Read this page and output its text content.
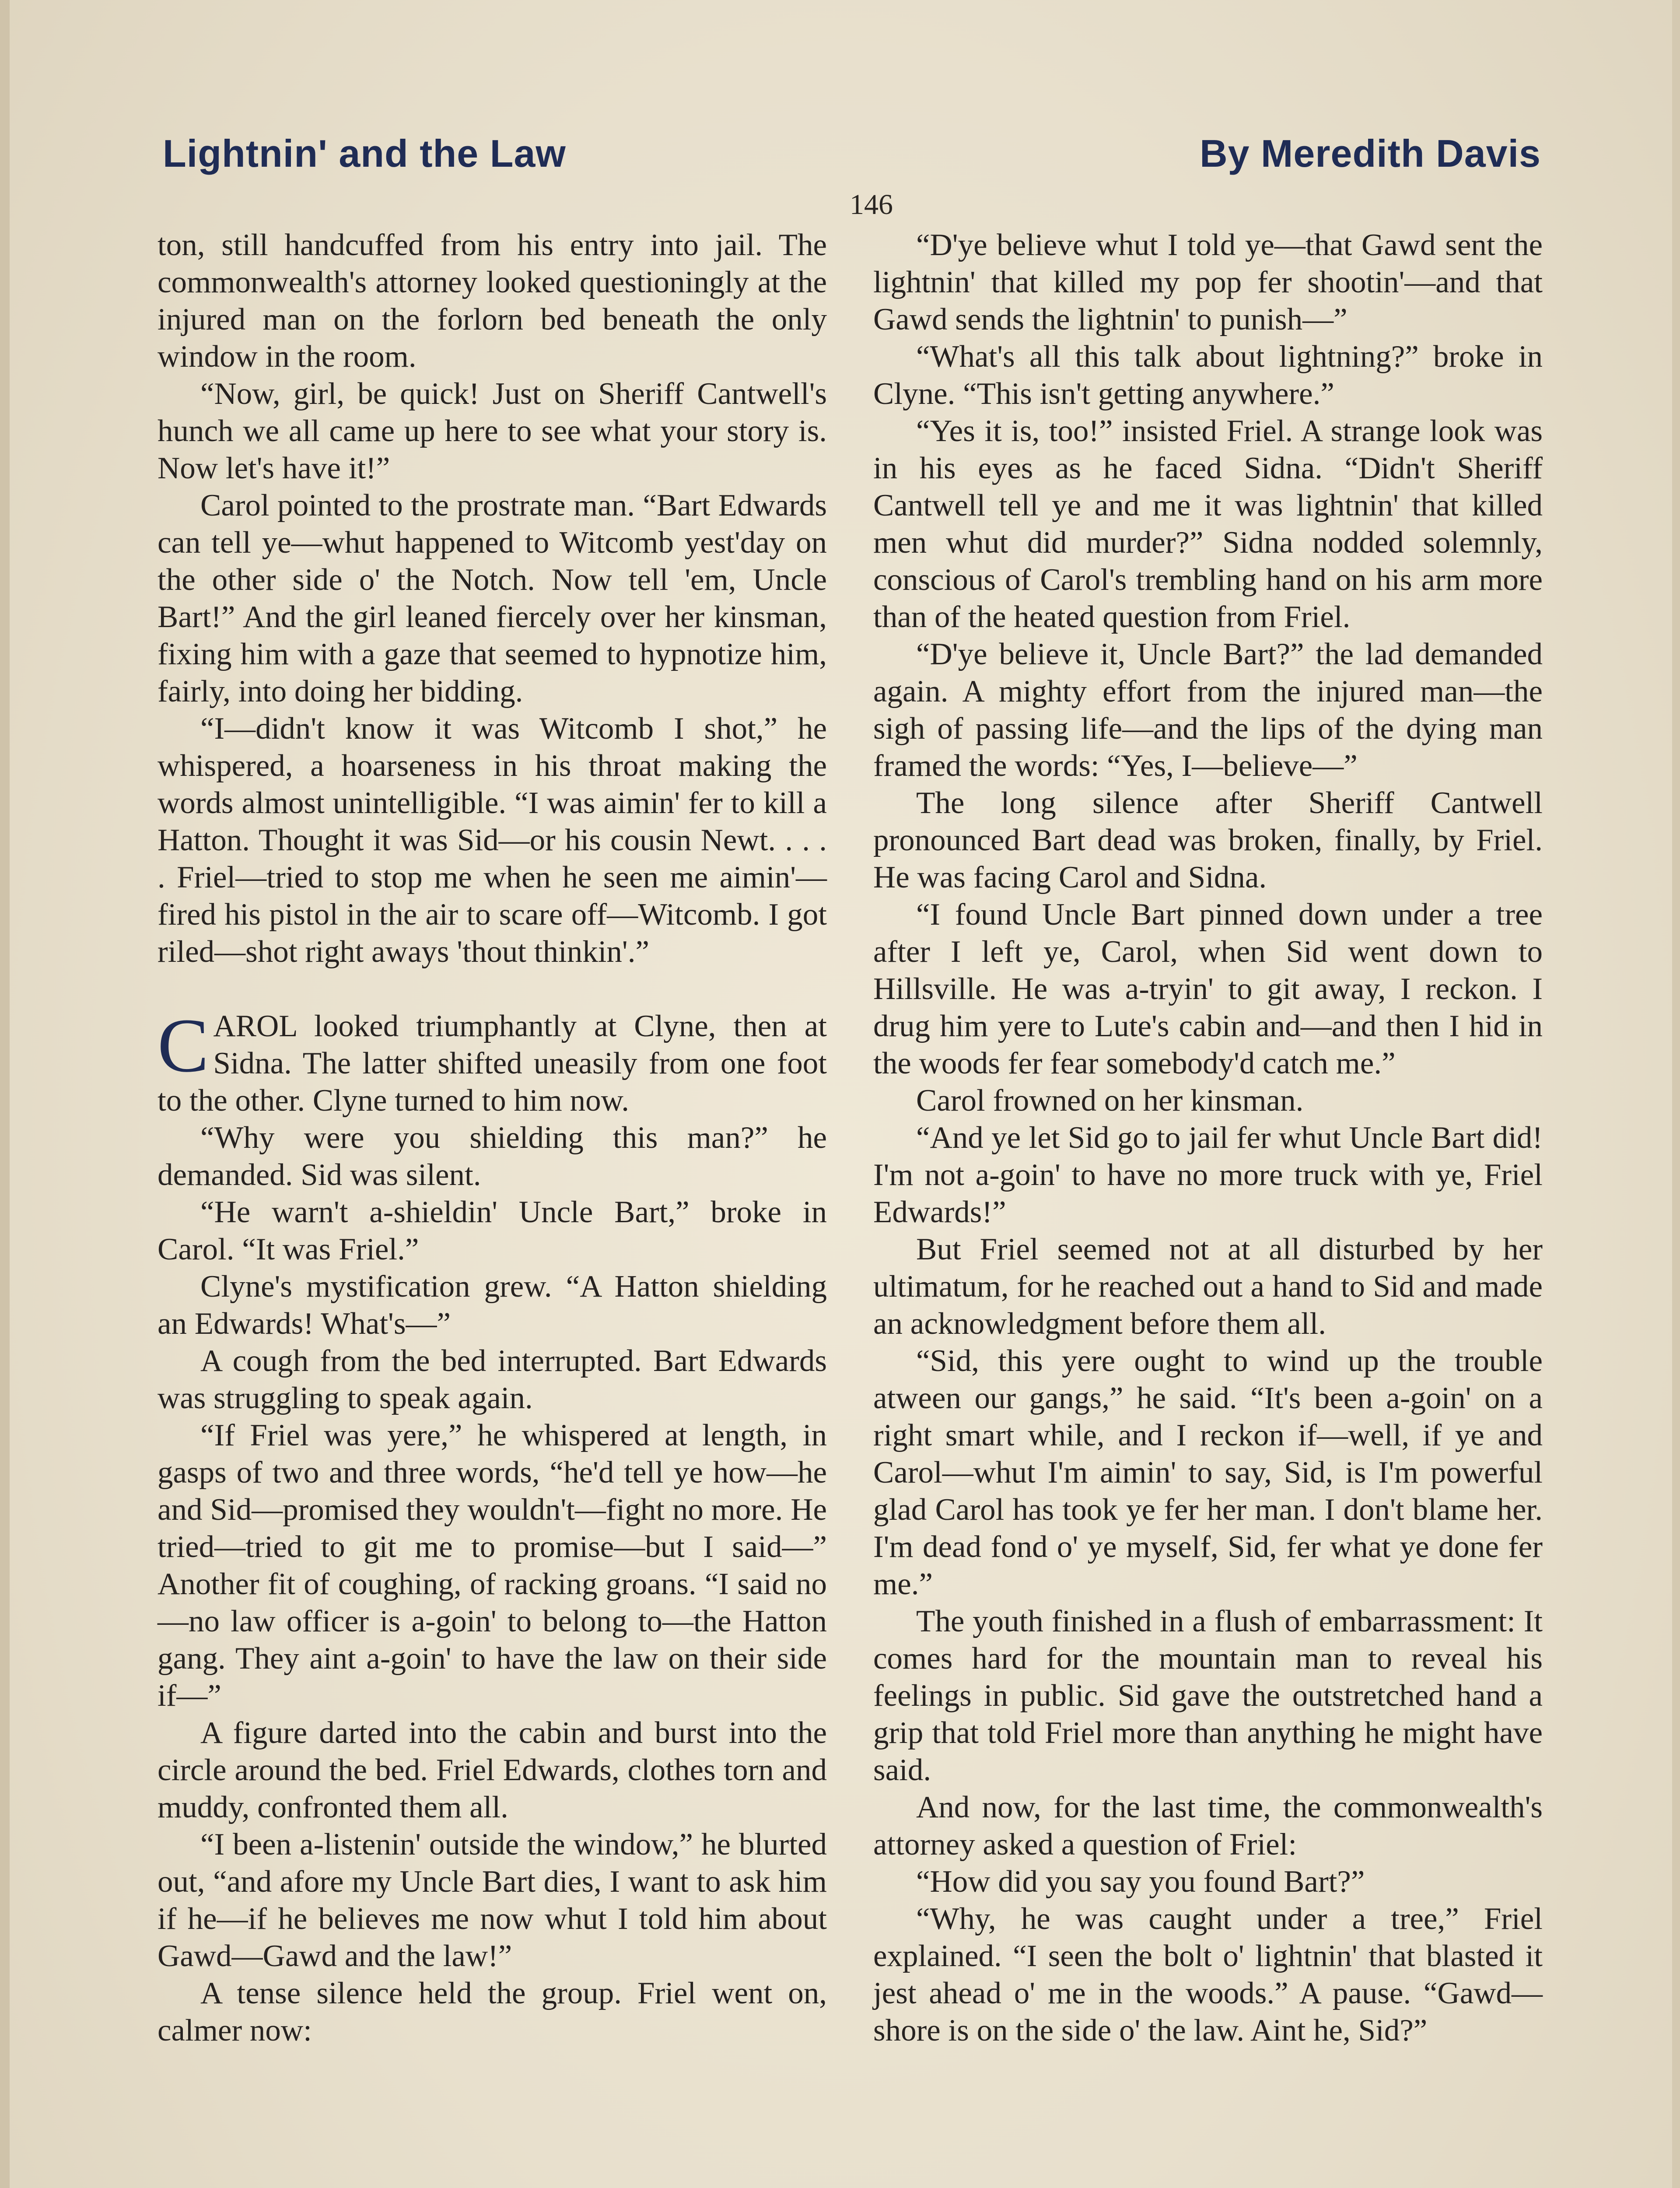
Lightnin' and the Law	By Meredith Davis
146

ton, still handcuffed from his entry into jail. The commonwealth's attorney looked questioningly at the injured man on the forlorn bed beneath the only window in the room.

“Now, girl, be quick! Just on Sheriff Cantwell's hunch we all came up here to see what your story is. Now let's have it!”

Carol pointed to the prostrate man. “Bart Edwards can tell ye—whut happened to Witcomb yest'day on the other side o' the Notch. Now tell 'em, Uncle Bart!” And the girl leaned fiercely over her kinsman, fixing him with a gaze that seemed to hypnotize him, fairly, into doing her bidding.

“I—didn't know it was Witcomb I shot,” he whispered, a hoarseness in his throat making the words almost unintelligible. “I was aimin' fer to kill a Hatton. Thought it was Sid—or his cousin Newt. . . . . Friel—tried to stop me when he seen me aimin'—fired his pistol in the air to scare off—Witcomb. I got riled—shot right aways 'thout thinkin'.”

CAROL looked triumphantly at Clyne, then at Sidna. The latter shifted uneasily from one foot to the other. Clyne turned to him now.

“Why were you shielding this man?” he demanded. Sid was silent.

“He warn't a-shieldin' Uncle Bart,” broke in Carol. “It was Friel.”

Clyne's mystification grew. “A Hatton shielding an Edwards! What's—”

A cough from the bed interrupted. Bart Edwards was struggling to speak again.

“If Friel was yere,” he whispered at length, in gasps of two and three words, “he'd tell ye how—he and Sid—promised they wouldn't—fight no more. He tried—tried to git me to promise—but I said—” Another fit of coughing, of racking groans. “I said no—no law officer is a-goin' to belong to—the Hatton gang. They aint a-goin' to have the law on their side if—”

A figure darted into the cabin and burst into the circle around the bed. Friel Edwards, clothes torn and muddy, confronted them all.

“I been a-listenin' outside the window,” he blurted out, “and afore my Uncle Bart dies, I want to ask him if he—if he believes me now whut I told him about Gawd—Gawd and the law!”

A tense silence held the group. Friel went on, calmer now:

“D'ye believe whut I told ye—that Gawd sent the lightnin' that killed my pop fer shootin'—and that Gawd sends the lightnin' to punish—”

“What's all this talk about lightning?” broke in Clyne. “This isn't getting anywhere.”

“Yes it is, too!” insisted Friel. A strange look was in his eyes as he faced Sidna. “Didn't Sheriff Cantwell tell ye and me it was lightnin' that killed men whut did murder?” Sidna nodded solemnly, conscious of Carol's trembling hand on his arm more than of the heated question from Friel.

“D'ye believe it, Uncle Bart?” the lad demanded again. A mighty effort from the injured man—the sigh of passing life—and the lips of the dying man framed the words: “Yes, I—believe—”

The long silence after Sheriff Cantwell pronounced Bart dead was broken, finally, by Friel. He was facing Carol and Sidna.

“I found Uncle Bart pinned down under a tree after I left ye, Carol, when Sid went down to Hillsville. He was a-tryin' to git away, I reckon. I drug him yere to Lute's cabin and—and then I hid in the woods fer fear somebody'd catch me.”

Carol frowned on her kinsman.

“And ye let Sid go to jail fer whut Uncle Bart did! I'm not a-goin' to have no more truck with ye, Friel Edwards!”

But Friel seemed not at all disturbed by her ultimatum, for he reached out a hand to Sid and made an acknowledgment before them all.

“Sid, this yere ought to wind up the trouble atween our gangs,” he said. “It's been a-goin' on a right smart while, and I reckon if—well, if ye and Carol—whut I'm aimin' to say, Sid, is I'm powerful glad Carol has took ye fer her man. I don't blame her. I'm dead fond o' ye myself, Sid, fer what ye done fer me.”

The youth finished in a flush of embarrassment: It comes hard for the mountain man to reveal his feelings in public. Sid gave the outstretched hand a grip that told Friel more than anything he might have said.

And now, for the last time, the commonwealth's attorney asked a question of Friel:

“How did you say you found Bart?”

“Why, he was caught under a tree,” Friel explained. “I seen the bolt o' lightnin' that blasted it jest ahead o' me in the woods.” A pause. “Gawd—shore is on the side o' the law. Aint he, Sid?”
